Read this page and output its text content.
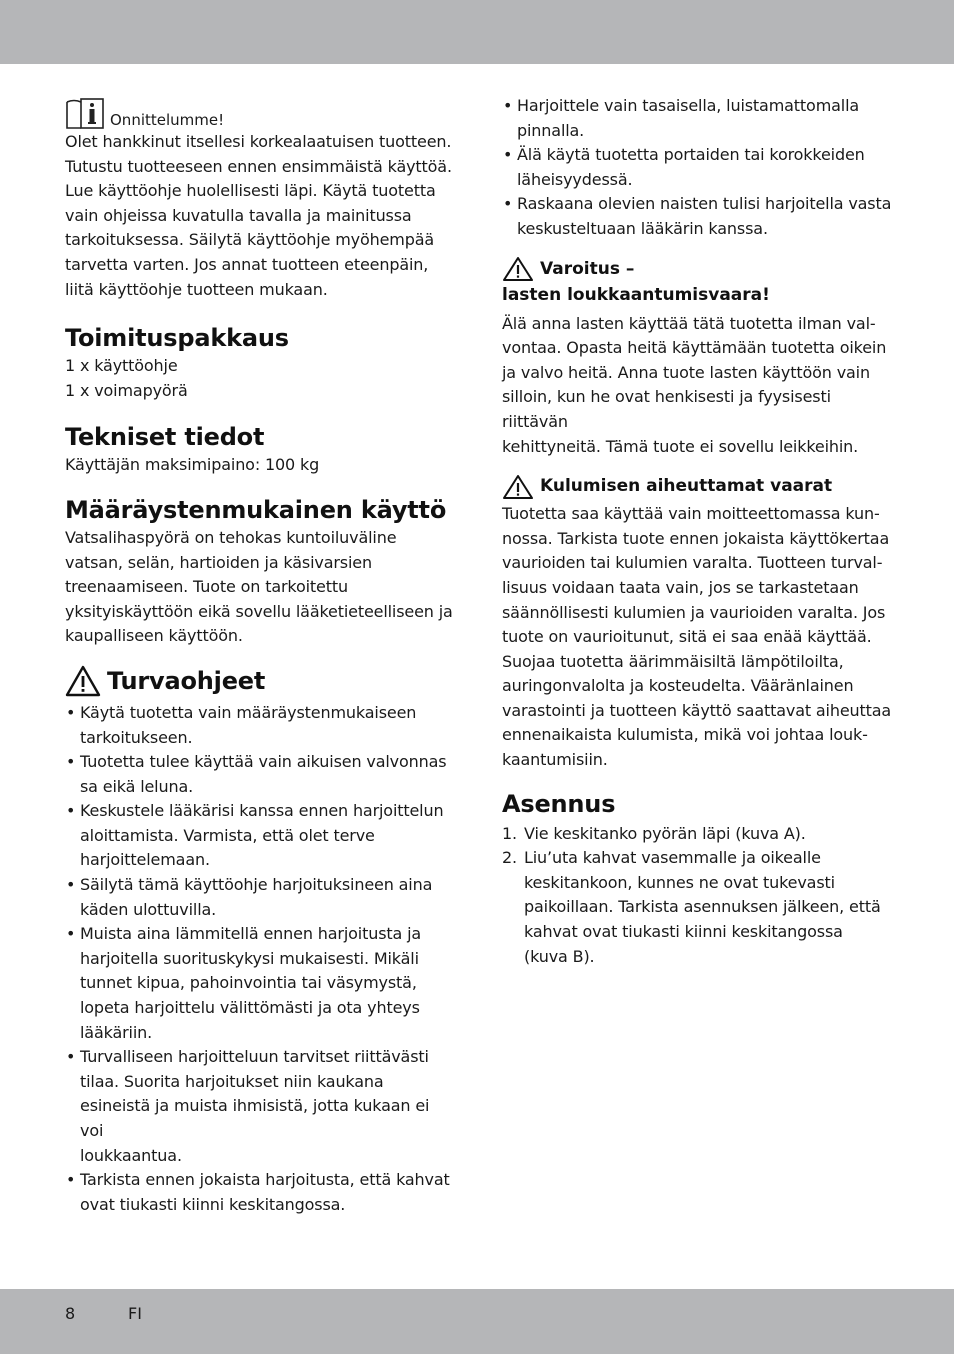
Onnittelumme!

Olet hankkinut itsellesi korkealaatuisen tuotteen.

Tutustu tuotteeseen ennen ensimmäistä käyttöä.

Lue käyttöohje huolellisesti läpi. Käytä tuotetta

vain ohjeissa kuvatulla tavalla ja mainitussa

tarkoituksessa. Säilytä käyttöohje myöhempää

tarvetta varten. Jos annat tuotteen eteenpäin,

liitä käyttöohje tuotteen mukaan.

Toimituspakkaus

1 x käyttöohje

1 x voimapyörä

Tekniset tiedot

Käyttäjän maksimipaino: 100 kg

Määräystenmukainen käyttö

Vatsalihaspyörä on tehokas kuntoiluväline

vatsan, selän, hartioiden ja käsivarsien

treenaamiseen. Tuote on tarkoitettu

yksityiskäyttöön eikä sovellu lääketieteelliseen ja

kaupalliseen käyttöön.

Turvaohjeet
• Käytä tuotetta vain määräystenmukaiseen
tarkoitukseen.
• Tuotetta tulee käyttää vain aikuisen valvonnas
sa eikä leluna.
• Keskustele lääkärisi kanssa ennen harjoittelun
aloittamista. Varmista, että olet terve
harjoittelemaan.
• Säilytä tämä käyttöohje harjoituksineen aina
käden ulottuvilla.
• Muista aina lämmitellä ennen harjoitusta ja
harjoitella suorituskykysi mukaisesti. Mikäli
tunnet kipua, pahoinvointia tai väsymystä,
lopeta harjoittelu välittömästi ja ota yhteys
lääkäriin.
• Turvalliseen harjoitteluun tarvitset riittävästi
tilaa. Suorita harjoitukset niin kaukana
esineistä ja muista ihmisistä, jotta kukaan ei voi
loukkaantua.
• Tarkista ennen jokaista harjoitusta, että kahvat
ovat tiukasti kiinni keskitangossa.
• Harjoittele vain tasaisella, luistamattomalla
pinnalla.
• Älä käytä tuotetta portaiden tai korokkeiden
läheisyydessä.
• Raskaana olevien naisten tulisi harjoitella vasta
keskusteltuaan lääkärin kanssa.
Varoitus –
lasten loukkaantumisvaara!

Älä anna lasten käyttää tätä tuotetta ilman val-

vontaa. Opasta heitä käyttämään tuotetta oikein

ja valvo heitä. Anna tuote lasten käyttöön vain

silloin, kun he ovat henkisesti ja fyysisesti riittävän

kehittyneitä. Tämä tuote ei sovellu leikkeihin.

Kulumisen aiheuttamat vaarat

Tuotetta saa käyttää vain moitteettomassa kun-

nossa. Tarkista tuote ennen jokaista käyttökertaa

vaurioiden tai kulumien varalta. Tuotteen turval-

lisuus voidaan taata vain, jos se tarkastetaan

säännöllisesti kulumien ja vaurioiden varalta. Jos

tuote on vaurioitunut, sitä ei saa enää käyttää.

Suojaa tuotetta äärimmäisiltä lämpötiloilta,

auringonvalolta ja kosteudelta. Vääränlainen

varastointi ja tuotteen käyttö saattavat aiheuttaa

ennenaikaista kulumista, mikä voi johtaa louk-

kaantumisiin.

Asennus
1. Vie keskitanko pyörän läpi (kuva A).
2. Liu’uta kahvat vasemmalle ja oikealle
keskitankoon, kunnes ne ovat tukevasti
paikoillaan. Tarkista asennuksen jälkeen, että
kahvat ovat tiukasti kiinni keskitangossa
(kuva B).
8	FI
